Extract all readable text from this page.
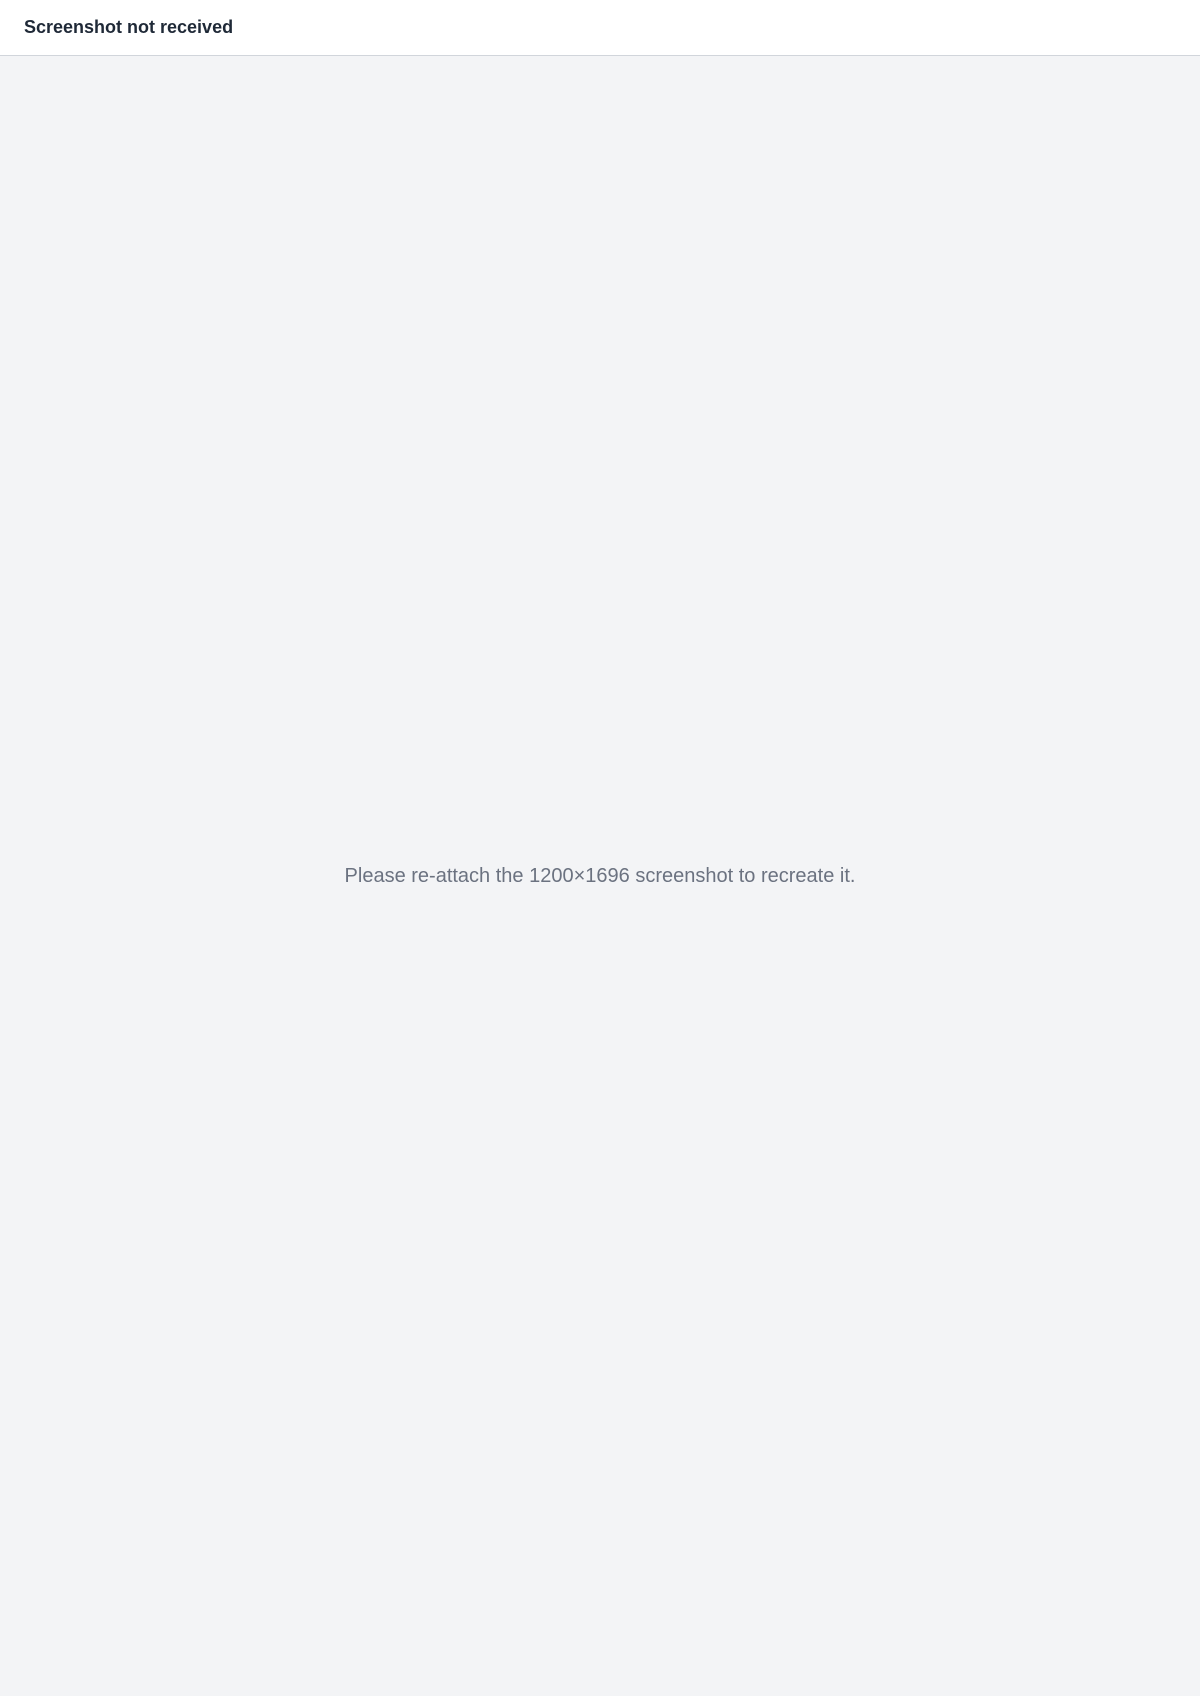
Screenshot not received

Please re-attach the 1200×1696 screenshot to recreate it.
